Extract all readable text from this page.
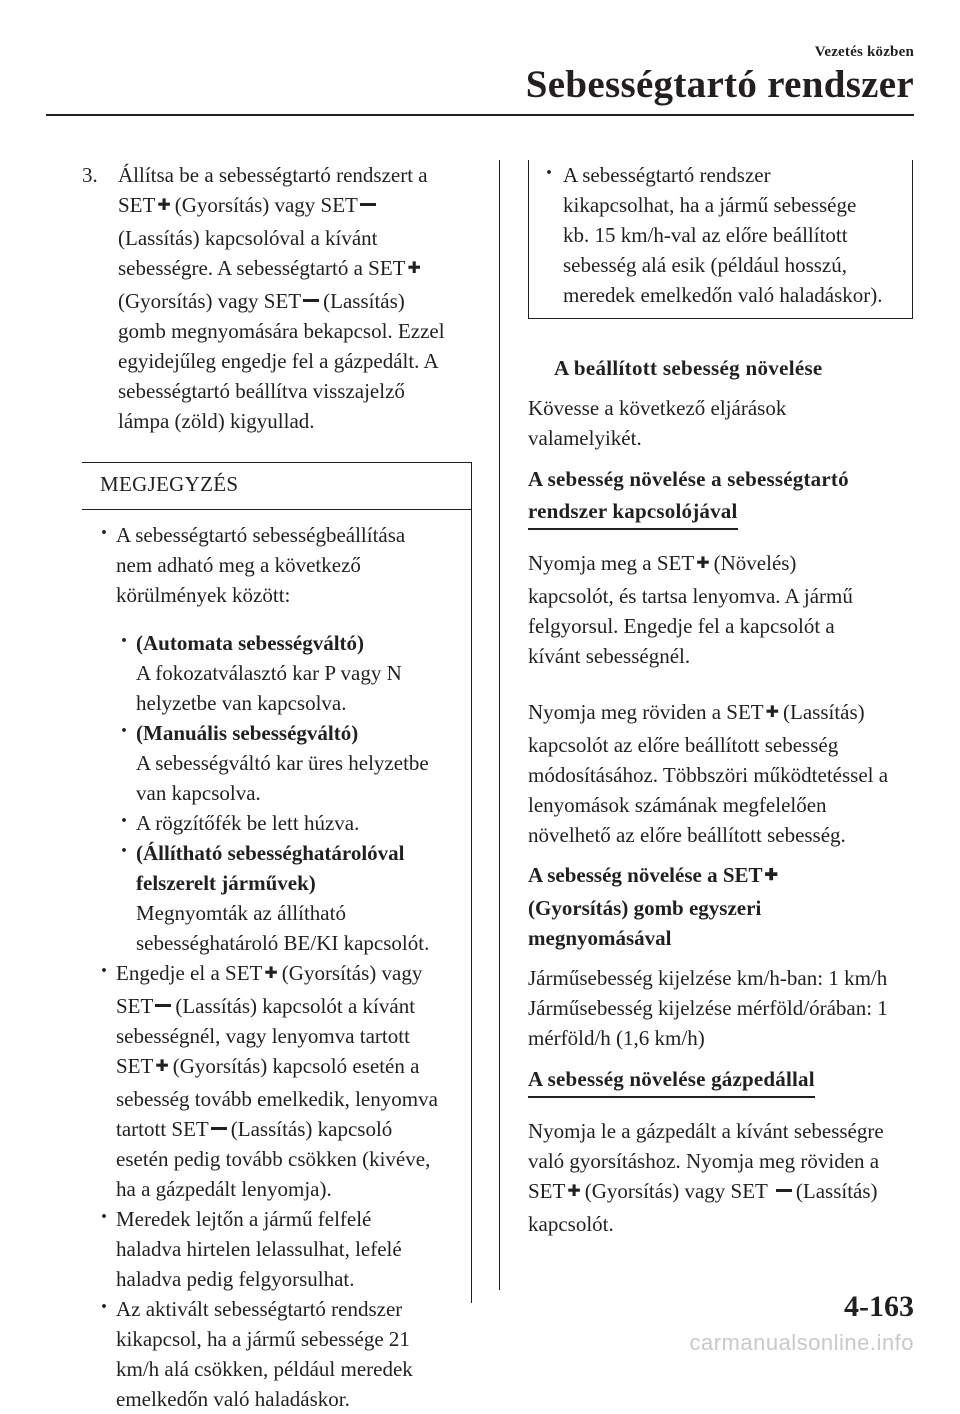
Vezetés közben
Sebességtartó rendszer
3. Állítsa be a sebességtartó rendszert a

SET ✚ (Gyorsítás) vagy SET

(Lassítás) kapcsolóval a kívánt

sebességre. A sebességtartó a SET✚

(Gyorsítás) vagy SET (Lassítás)

gomb megnyomására bekapcsol. Ezzel

egyidejűleg engedje fel a gázpedált. A

sebességtartó beállítva visszajelző

lámpa (zöld) kigyullad.

MEGJEGYZÉS

· A sebességtartó sebességbeállítása

nem adható meg a következő

körülmények között:

· (Automata sebességváltó)

A fokozatválasztó kar P vagy N

helyzetbe van kapcsolva.

· (Manuális sebességváltó)

A sebességváltó kar üres helyzetbe

van kapcsolva.

· A rögzítőfék be lett húzva.

· (Állítható sebességhatárolóval

felszerelt járművek)

Megnyomták az állítható

sebességhatároló BE/KI kapcsolót.

· Engedje el a SET ✚ (Gyorsítás) vagy

SET (Lassítás) kapcsolót a kívánt

sebességnél, vagy lenyomva tartott

SET ✚ (Gyorsítás) kapcsoló esetén a

sebesség tovább emelkedik, lenyomva

tartott SET (Lassítás) kapcsoló

esetén pedig tovább csökken (kivéve,

ha a gázpedált lenyomja).

· Meredek lejtőn a jármű felfelé

haladva hirtelen lelassulhat, lefelé

haladva pedig felgyorsulhat.

· Az aktivált sebességtartó rendszer

kikapcsol, ha a jármű sebessége 21

km/h alá csökken, például meredek

emelkedőn való haladáskor.

· A sebességtartó rendszer

kikapcsolhat, ha a jármű sebessége

kb. 15 km/h-val az előre beállított

sebesség alá esik (például hosszú,

meredek emelkedőn való haladáskor).

A beállított sebesség növelése

Kövesse a következő eljárások

valamelyikét.

A sebesség növelése a sebességtartó
rendszer kapcsolójával

Nyomja meg a SET ✚ (Növelés)

kapcsolót, és tartsa lenyomva. A jármű

felgyorsul. Engedje fel a kapcsolót a

kívánt sebességnél.

Nyomja meg röviden a SET ✚ (Lassítás)

kapcsolót az előre beállított sebesség

módosításához. Többszöri működtetéssel a

lenyomások számának megfelelően

növelhető az előre beállított sebesség.

A sebesség növelése a SET✚

(Gyorsítás) gomb egyszeri

megnyomásával

Járműsebesség kijelzése km/h-ban: 1 km/h

Járműsebesség kijelzése mérföld/órában: 1

mérföld/h (1,6 km/h)

A sebesség növelése gázpedállal

Nyomja le a gázpedált a kívánt sebességre

való gyorsításhoz. Nyomja meg röviden a

SET ✚ (Gyorsítás) vagy SET (Lassítás)

kapcsolót.

4-163
carmanualsonline.info
